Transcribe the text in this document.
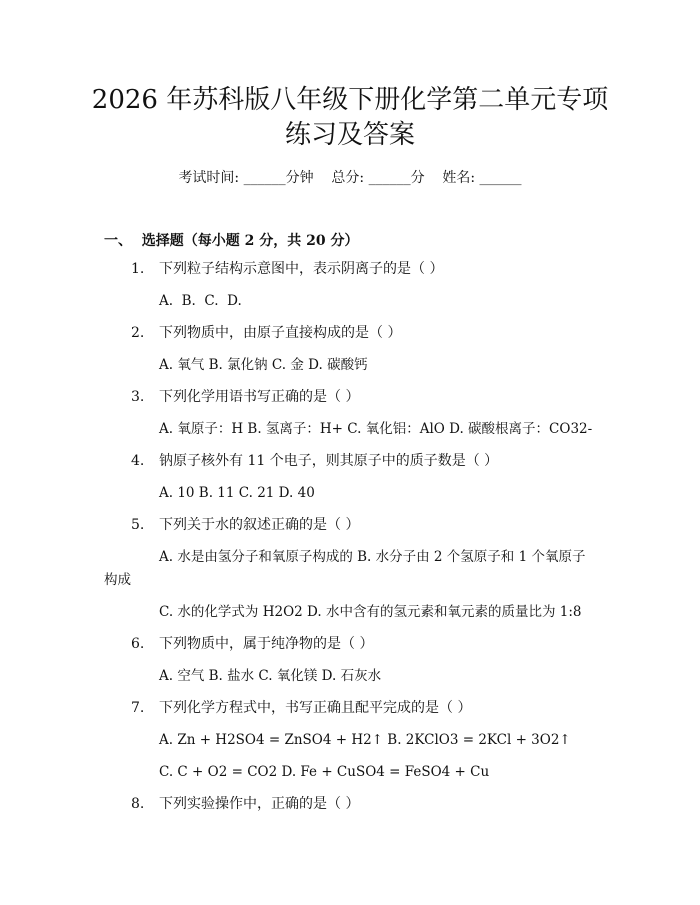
2026 年苏科版八年级下册化学第二单元专项
练习及答案
考试时间: ______分钟    总分: ______分    姓名: ______
一、  选择题（每小题 2 分，共 20 分）
1. 下列粒子结构示意图中，表示阴离子的是（ ）
A.  B.  C.  D.
2. 下列物质中，由原子直接构成的是（ ）
A. 氧气 B. 氯化钠 C. 金 D. 碳酸钙
3. 下列化学用语书写正确的是（ ）
A. 氧原子：H B. 氢离子：H+ C. 氧化铝：AlO D. 碳酸根离子：CO32-
4. 钠原子核外有 11 个电子，则其原子中的质子数是（ ）
A. 10 B. 11 C. 21 D. 40
5. 下列关于水的叙述正确的是（ ）
A. 水是由氢分子和氧原子构成的 B. 水分子由 2 个氢原子和 1 个氧原子
构成
C. 水的化学式为 H2O2 D. 水中含有的氢元素和氧元素的质量比为 1:8
6. 下列物质中，属于纯净物的是（ ）
A. 空气 B. 盐水 C. 氧化镁 D. 石灰水
7. 下列化学方程式中，书写正确且配平完成的是（ ）
A. Zn + H2SO4 = ZnSO4 + H2↑ B. 2KClO3 = 2KCl + 3O2↑
C. C + O2 = CO2 D. Fe + CuSO4 = FeSO4 + Cu
8. 下列实验操作中，正确的是（ ）
